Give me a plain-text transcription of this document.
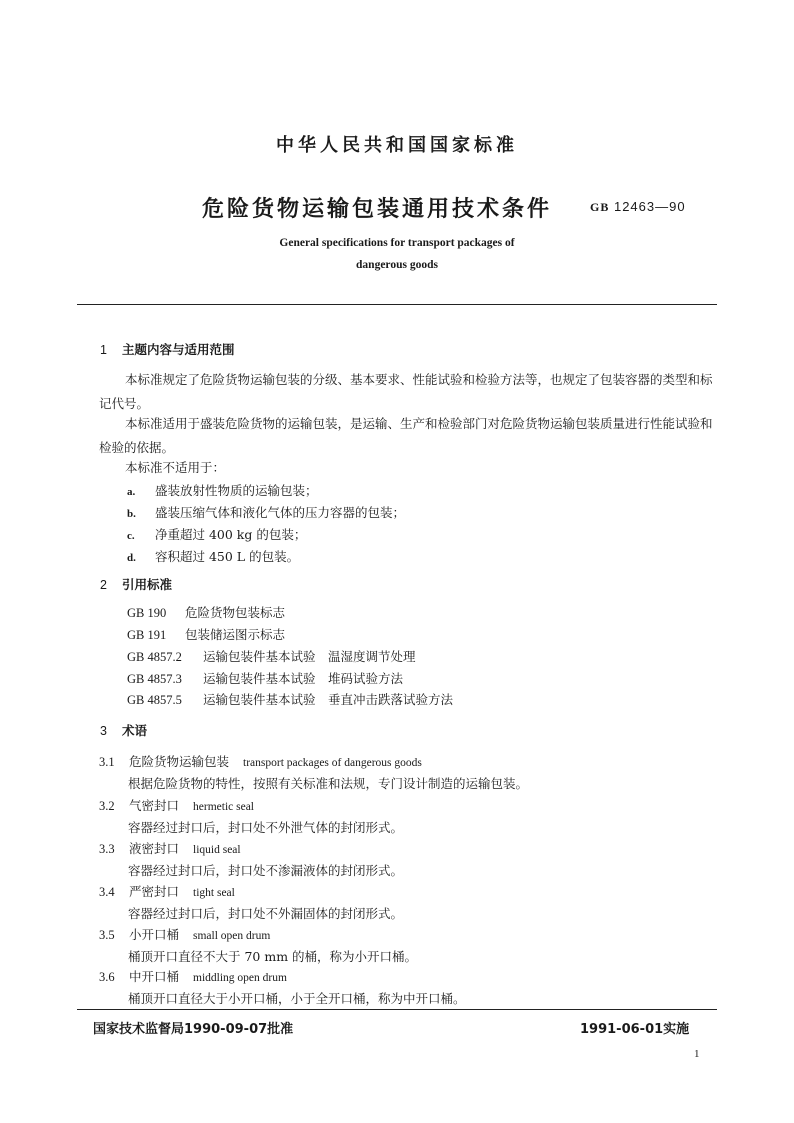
中华人民共和国国家标准
危险货物运输包装通用技术条件	GB 12463—90
General specifications for transport packages of
dangerous goods
1 主题内容与适用范围
本标准规定了危险货物运输包装的分级、基本要求、性能试验和检验方法等，也规定了包装容器的类型和标记代号。
本标准适用于盛装危险货物的运输包装，是运输、生产和检验部门对危险货物运输包装质量进行性能试验和检验的依据。
本标准不适用于：
a. 盛装放射性物质的运输包装；
b. 盛装压缩气体和液化气体的压力容器的包装；
c. 净重超过 400 kg 的包装；
d. 容积超过 450 L 的包装。
2 引用标准
GB 190 危险货物包装标志
GB 191 包装储运图示标志
GB 4857.2 运输包装件基本试验　温湿度调节处理
GB 4857.3 运输包装件基本试验　堆码试验方法
GB 4857.5 运输包装件基本试验　垂直冲击跌落试验方法
3 术语
3.1 危险货物运输包装 transport packages of dangerous goods
根据危险货物的特性，按照有关标准和法规，专门设计制造的运输包装。
3.2 气密封口 hermetic seal
容器经过封口后，封口处不外泄气体的封闭形式。
3.3 液密封口 liquid seal
容器经过封口后，封口处不渗漏液体的封闭形式。
3.4 严密封口 tight seal
容器经过封口后，封口处不外漏固体的封闭形式。
3.5 小开口桶 small open drum
桶顶开口直径不大于 70 mm 的桶，称为小开口桶。
3.6 中开口桶 middling open drum
桶顶开口直径大于小开口桶，小于全开口桶，称为中开口桶。
国家技术监督局1990-09-07批准	1991-06-01实施
1
